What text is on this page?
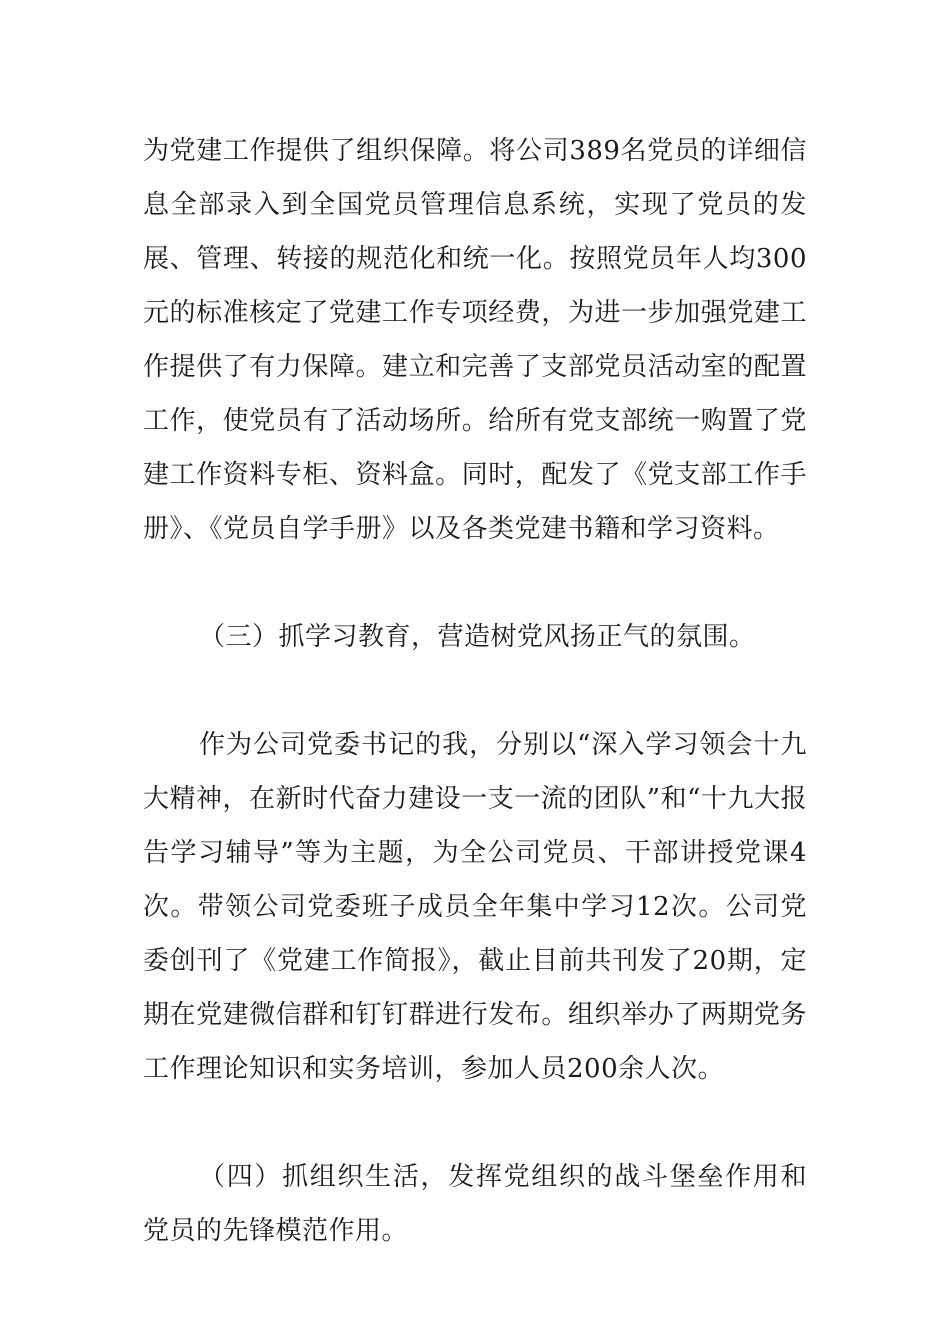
为党建工作提供了组织保障。将公司389名党员的详细信息全部录入到全国党员管理信息系统，实现了党员的发展、管理、转接的规范化和统一化。按照党员年人均300元的标准核定了党建工作专项经费，为进一步加强党建工作提供了有力保障。建立和完善了支部党员活动室的配置工作，使党员有了活动场所。给所有党支部统一购置了党建工作资料专柜、资料盒。同时，配发了《党支部工作手册》、《党员自学手册》以及各类党建书籍和学习资料。

（三）抓学习教育，营造树党风扬正气的氛围。

作为公司党委书记的我，分别以“深入学习领会十九大精神，在新时代奋力建设一支一流的团队”和“十九大报告学习辅导”等为主题，为全公司党员、干部讲授党课4次。带领公司党委班子成员全年集中学习12次。公司党委创刊了《党建工作简报》，截止目前共刊发了20期，定期在党建微信群和钉钉群进行发布。组织举办了两期党务工作理论知识和实务培训，参加人员200余人次。

（四）抓组织生活，发挥党组织的战斗堡垒作用和党员的先锋模范作用。
